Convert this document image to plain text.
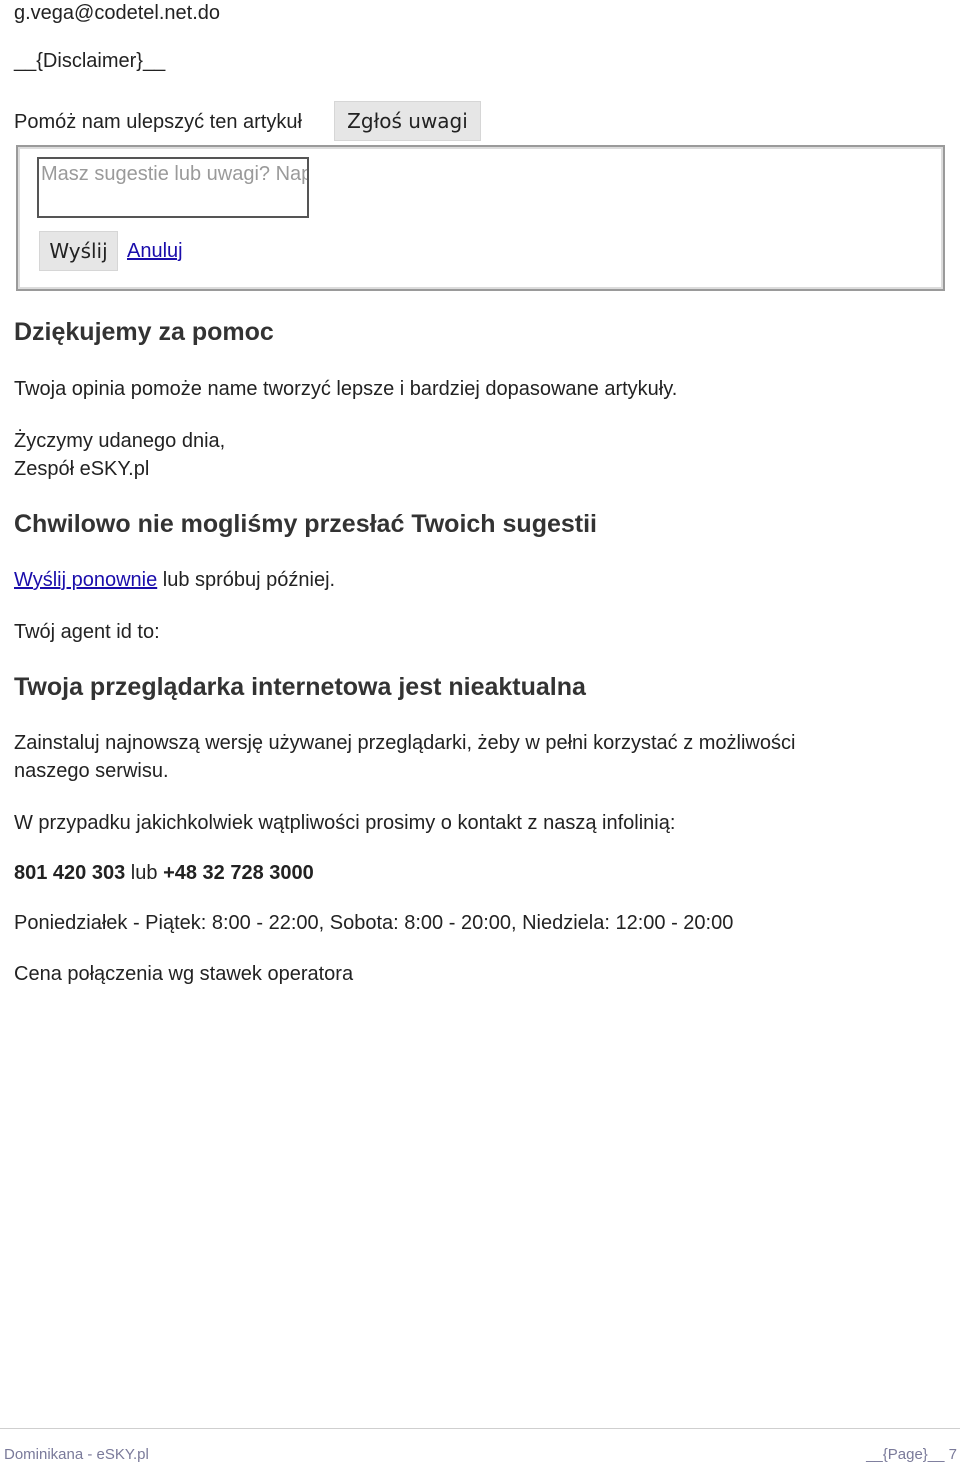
g.vega@codetel.net.do
__{Disclaimer}__
Pomóż nam ulepszyć ten artykuł	Zgłoś uwagi
Masz sugestie lub uwagi? Napisz
Wyślij Anuluj
Dziękujemy za pomoc
Twoja opinia pomoże name tworzyć lepsze i bardziej dopasowane artykuły.
Życzymy udanego dnia,
Zespół eSKY.pl
Chwilowo nie mogliśmy przesłać Twoich sugestii
Wyślij ponownie lub spróbuj później.
Twój agent id to:
Twoja przeglądarka internetowa jest nieaktualna
Zainstaluj najnowszą wersję używanej przeglądarki, żeby w pełni korzystać z możliwości
naszego serwisu.
W przypadku jakichkolwiek wątpliwości prosimy o kontakt z naszą infolinią:
801 420 303 lub +48 32 728 3000
Poniedziałek - Piątek: 8:00 - 22:00, Sobota: 8:00 - 20:00, Niedziela: 12:00 - 20:00
Cena połączenia wg stawek operatora
Dominikana - eSKY.pl	__{Page}__ 7
